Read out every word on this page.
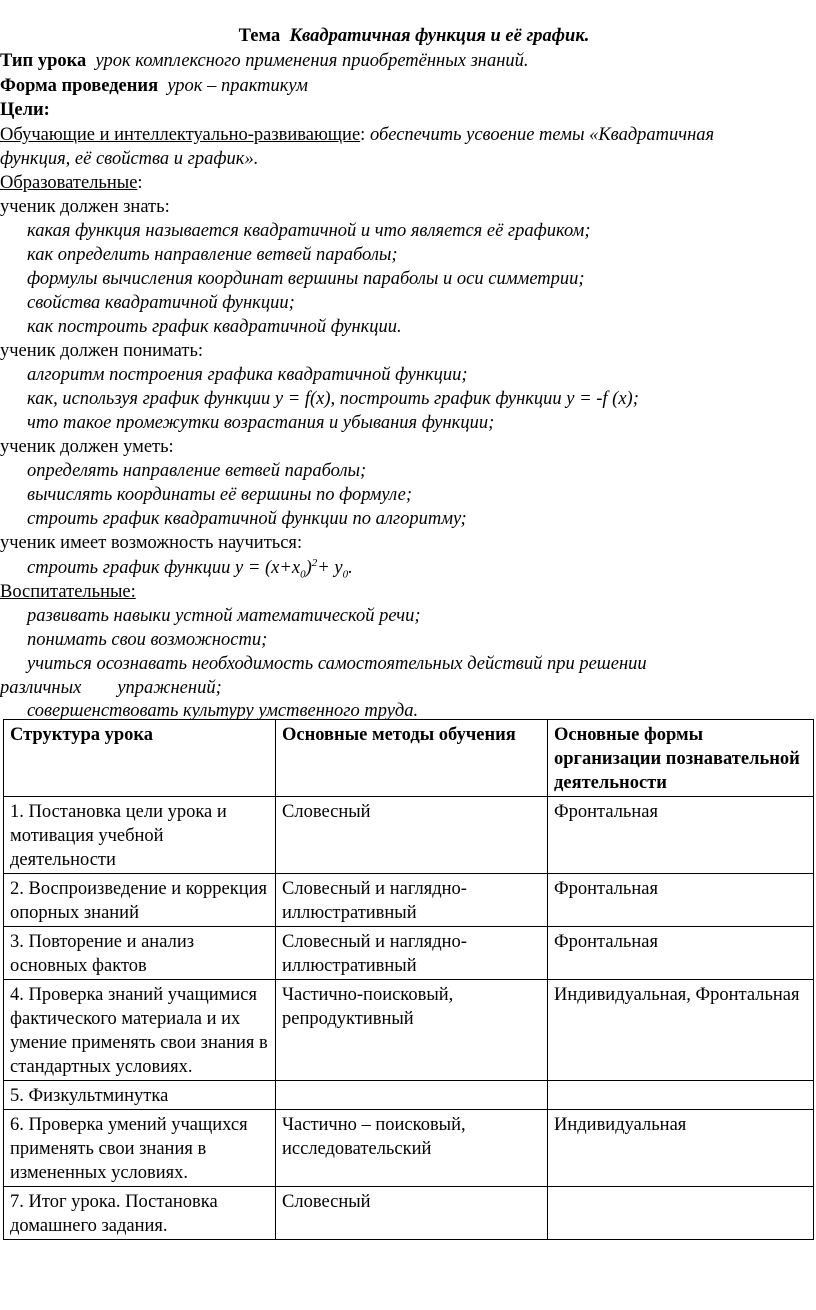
Тема Квадратичная функция и её график.
Тип урока урок комплексного применения приобретённых знаний.
Форма проведения урок – практикум
Цели:
Обучающие и интеллектуально-развивающие: обеспечить усвоение темы «Квадратичная
функция, её свойства и график».
Образовательные:
ученик должен знать:
какая функция называется квадратичной и что является её графиком;
как определить направление ветвей параболы;
формулы вычисления координат вершины параболы и оси симметрии;
свойства квадратичной функции;
как построить график квадратичной функции.
ученик должен понимать:
алгоритм построения графика квадратичной функции;
как, используя график функции у = f(x), построить график функции у = -f (x);
что такое промежутки возрастания и убывания функции;
ученик должен уметь:
определять направление ветвей параболы;
вычислять координаты её вершины по формуле;
строить график квадратичной функции по алгоритму;
ученик имеет возможность научиться:
строить график функции $у = (х+х_0)^2+ у_0$.
Воспитательные:
развивать навыки устной математической речи;
понимать свои возможности;
учиться осознавать необходимость самостоятельных действий при решении
различных упражнений;
совершенствовать культуру умственного труда.
Структура урока	Основные методы обучения	Основные формы организации познавательной деятельности
1. Постановка цели урока и мотивация учебной деятельности	Словесный	Фронтальная
2. Воспроизведение и коррекция опорных знаний	Словесный и наглядно-иллюстративный	Фронтальная
3. Повторение и анализ основных фактов	Словесный и наглядно-иллюстративный	Фронтальная
4. Проверка знаний учащимися фактического материала и их умение применять свои знания в стандартных условиях.	Частично-поисковый, репродуктивный	Индивидуальная, Фронтальная
5. Физкультминутка		
6. Проверка умений учащихся применять свои знания в измененных условиях.	Частично – поисковый, исследовательский	Индивидуальная
7. Итог урока. Постановка домашнего задания.	Словесный	
